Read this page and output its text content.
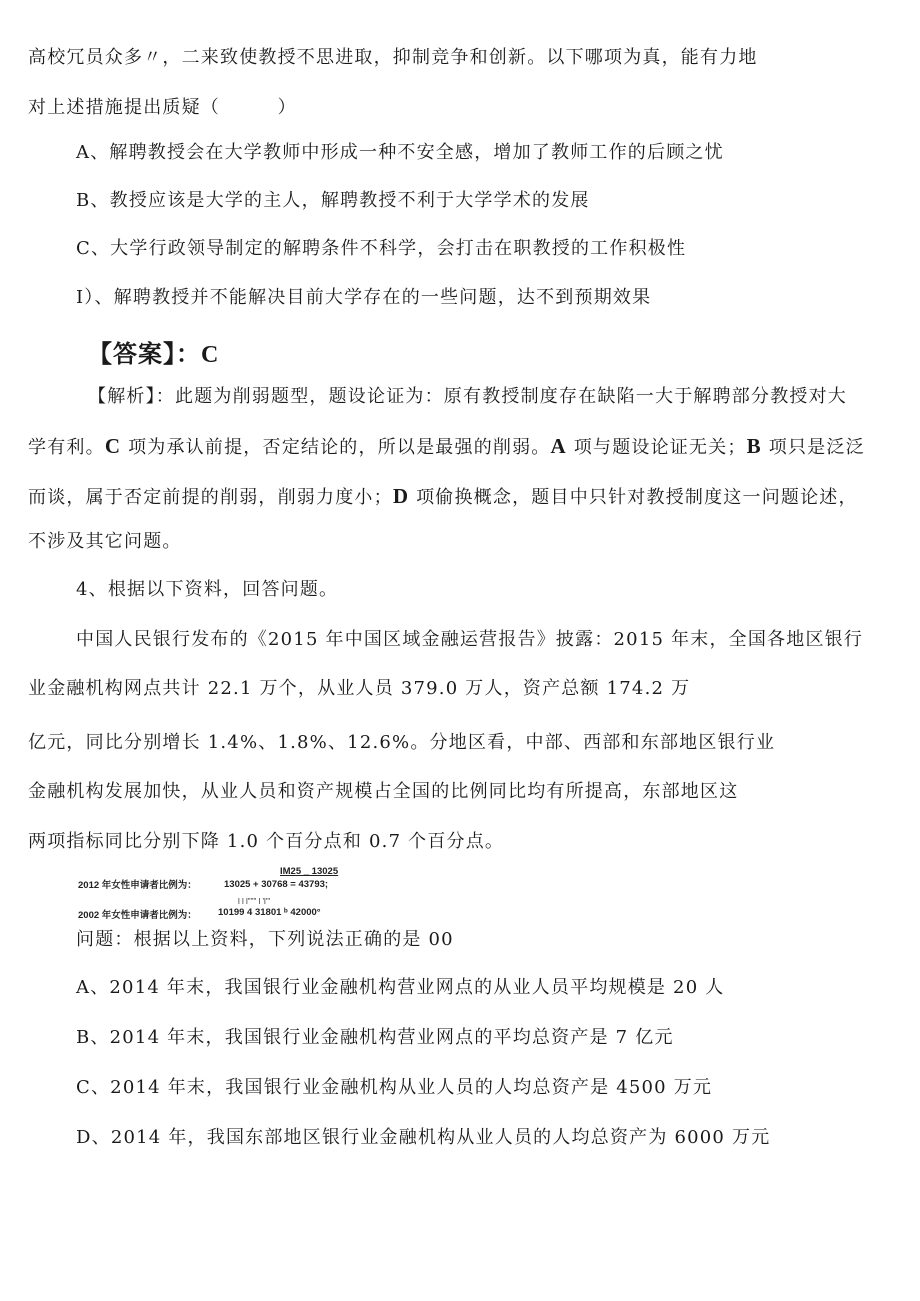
高校冗员众多〃，二来致使教授不思进取，抑制竞争和创新。以下哪项为真，能有力地
对上述措施提出质疑（　　　）
A、解聘教授会在大学教师中形成一种不安全感，增加了教师工作的后顾之忧
B、教授应该是大学的主人，解聘教授不利于大学学术的发展
C、大学行政领导制定的解聘条件不科学，会打击在职教授的工作积极性
I）、解聘教授并不能解决目前大学存在的一些问题，达不到预期效果
【答案】：C
【解析】：此题为削弱题型，题设论证为：原有教授制度存在缺陷一大于解聘部分教授对大
学有利。C 项为承认前提，否定结论的，所以是最强的削弱。A 项与题设论证无关；B 项只是泛泛
而谈，属于否定前提的削弱，削弱力度小；D 项偷换概念，题目中只针对教授制度这一问题论述，
不涉及其它问题。
4、根据以下资料，回答问题。
中国人民银行发布的《2015 年中国区域金融运营报告》披露：2015 年末，全国各地区银行
业金融机构网点共计 22.1 万个，从业人员 379.0 万人，资产总额 174.2 万
亿元，同比分别增长 1.4%、1.8%、12.6%。分地区看，中部、西部和东部地区银行业
金融机构发展加快，从业人员和资产规模占全国的比例同比均有所提高，东部地区这
两项指标同比分别下降 1.0 个百分点和 0.7 个百分点。
IM25 _ 13025
2012 年女性申请者比例为：	13025 + 30768 = 43793;
l l l""" l 'l'"
2002 年女性申请者比例为： 10199 4 31801 ᵇ 42000°
问题：根据以上资料，下列说法正确的是 00
A、2014 年末，我国银行业金融机构营业网点的从业人员平均规模是 20 人
B、2014 年末，我国银行业金融机构营业网点的平均总资产是 7 亿元
C、2014 年末，我国银行业金融机构从业人员的人均总资产是 4500 万元
D、2014 年，我国东部地区银行业金融机构从业人员的人均总资产为 6000 万元
